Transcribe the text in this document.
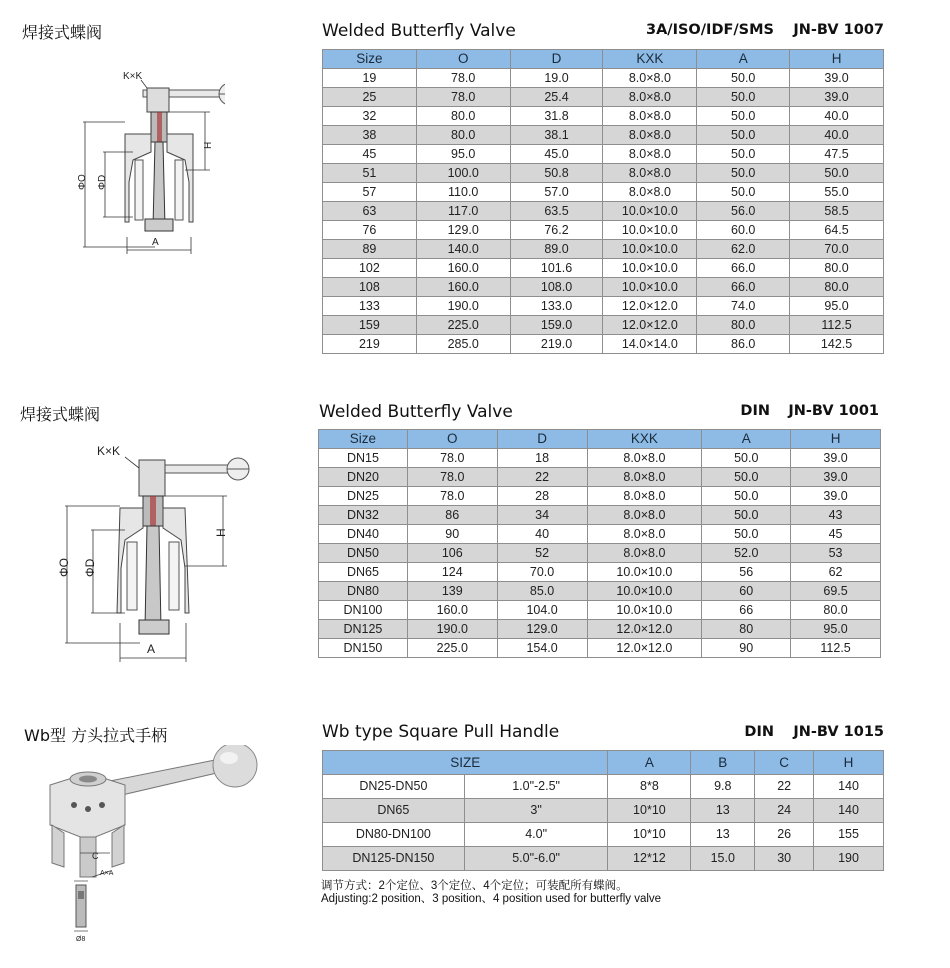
焊接式蝶阀
K×K
H
ΦO ΦD
A
Welded Butterfly Valve	JN-BV 1007
3A/ISO/IDF/SMS
Size	O	D	KXK	A	H
19	78.0	19.0	8.0×8.0	50.0	39.0
25	78.0	25.4	8.0×8.0	50.0	39.0
32	80.0	31.8	8.0×8.0	50.0	40.0
38	80.0	38.1	8.0×8.0	50.0	40.0
45	95.0	45.0	8.0×8.0	50.0	47.5
51	100.0	50.8	8.0×8.0	50.0	50.0
57	110.0	57.0	8.0×8.0	50.0	55.0
63	117.0	63.5	10.0×10.0	56.0	58.5
76	129.0	76.2	10.0×10.0	60.0	64.5
89	140.0	89.0	10.0×10.0	62.0	70.0
102	160.0	101.6	10.0×10.0	66.0	80.0
108	160.0	108.0	10.0×10.0	66.0	80.0
133	190.0	133.0	12.0×12.0	74.0	95.0
159	225.0	159.0	12.0×12.0	80.0	112.5
219	285.0	219.0	14.0×14.0	86.0	142.5
焊接式蝶阀
K×K
H
ΦO ΦD
A
Welded Butterfly Valve	JN-BV 1001
DIN
Size	O	D	KXK	A	H
DN15	78.0	18	8.0×8.0	50.0	39.0
DN20	78.0	22	8.0×8.0	50.0	39.0
DN25	78.0	28	8.0×8.0	50.0	39.0
DN32	86	34	8.0×8.0	50.0	43
DN40	90	40	8.0×8.0	50.0	45
DN50	106	52	8.0×8.0	52.0	53
DN65	124	70.0	10.0×10.0	56	62
DN80	139	85.0	10.0×10.0	60	69.5
DN100	160.0	104.0	10.0×10.0	66	80.0
DN125	190.0	129.0	12.0×12.0	80	95.0
DN150	225.0	154.0	12.0×12.0	90	112.5
Wb型 方头拉式手柄
C
A×A
Ø8
Wb type Square Pull Handle	JN-BV 1015
DIN
SIZE		A	B	C	H
DN25-DN50	1.0"-2.5"	8*8	9.8	22	140
DN65	3"	10*10	13	24	140
DN80-DN100	4.0"	10*10	13	26	155
DN125-DN150	5.0"-6.0"	12*12	15.0	30	190
调节方式：2个定位、3个定位、4个定位；可装配所有蝶阀。
Adjusting:2 position、3 position、4 position used for butterfly valve
